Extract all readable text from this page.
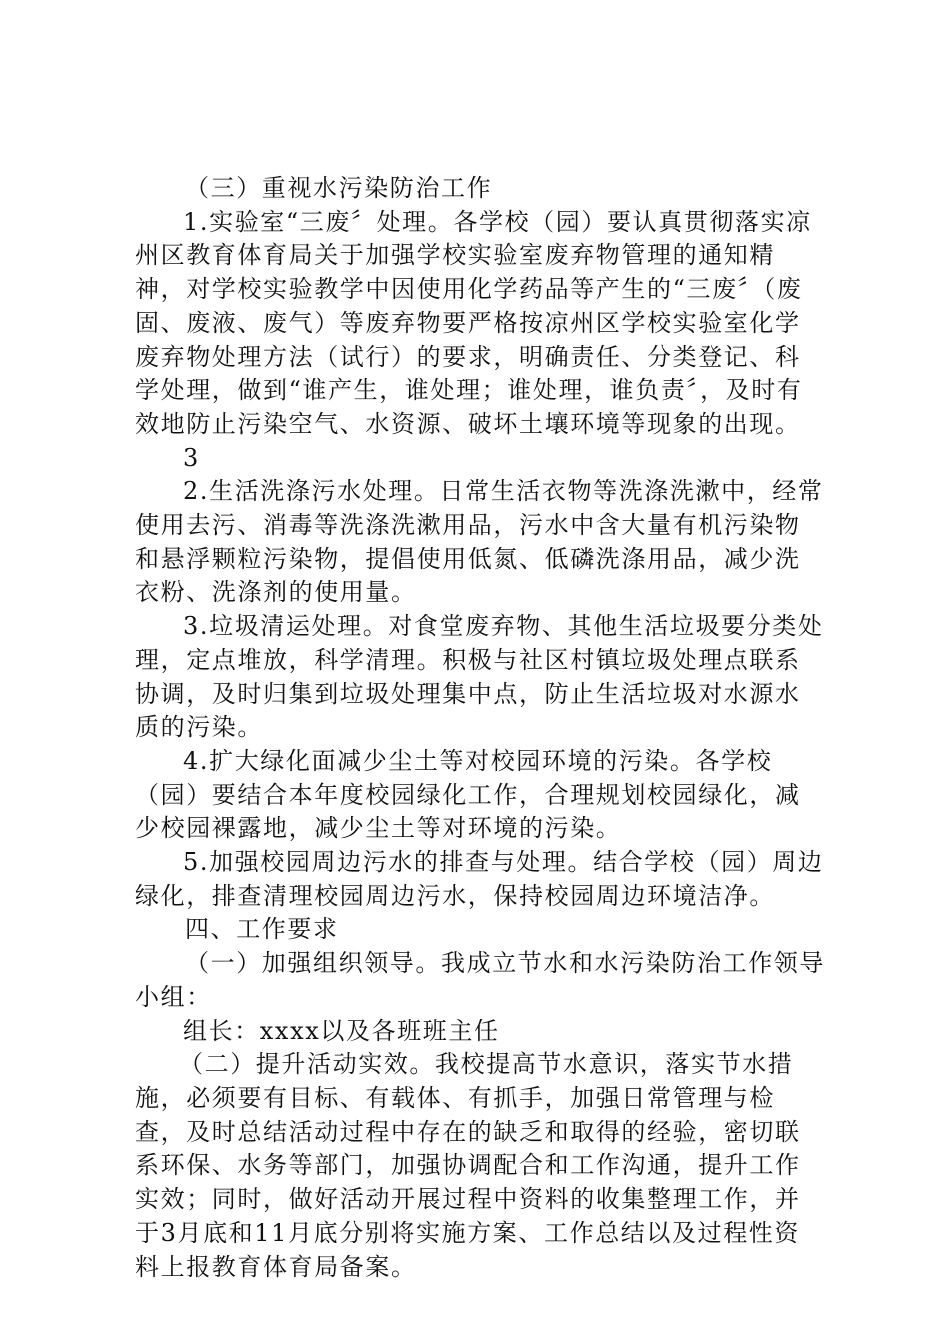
（三）重视水污染防治工作

1.实验室“三废〞处理。各学校（园）要认真贯彻落实凉州区教育体育局关于加强学校实验室废弃物管理的通知精神，对学校实验教学中因使用化学药品等产生的“三废〞（废固、废液、废气）等废弃物要严格按凉州区学校实验室化学废弃物处理方法（试行）的要求，明确责任、分类登记、科学处理，做到“谁产生，谁处理；谁处理，谁负责〞，及时有效地防止污染空气、水资源、破坏土壤环境等现象的出现。

3

2.生活洗涤污水处理。日常生活衣物等洗涤洗漱中，经常使用去污、消毒等洗涤洗漱用品，污水中含大量有机污染物和悬浮颗粒污染物，提倡使用低氮、低磷洗涤用品，减少洗衣粉、洗涤剂的使用量。

3.垃圾清运处理。对食堂废弃物、其他生活垃圾要分类处理，定点堆放，科学清理。积极与社区村镇垃圾处理点联系协调，及时归集到垃圾处理集中点，防止生活垃圾对水源水质的污染。

4.扩大绿化面减少尘土等对校园环境的污染。各学校（园）要结合本年度校园绿化工作，合理规划校园绿化，减少校园裸露地，减少尘土等对环境的污染。

5.加强校园周边污水的排查与处理。结合学校（园）周边绿化，排查清理校园周边污水，保持校园周边环境洁净。

四、工作要求

（一）加强组织领导。我成立节水和水污染防治工作领导小组：

组长：xxxx以及各班班主任

（二）提升活动实效。我校提高节水意识，落实节水措施，必须要有目标、有载体、有抓手，加强日常管理与检查，及时总结活动过程中存在的缺乏和取得的经验，密切联系环保、水务等部门，加强协调配合和工作沟通，提升工作实效；同时，做好活动开展过程中资料的收集整理工作，并于3月底和11月底分别将实施方案、工作总结以及过程性资料上报教育体育局备案。
